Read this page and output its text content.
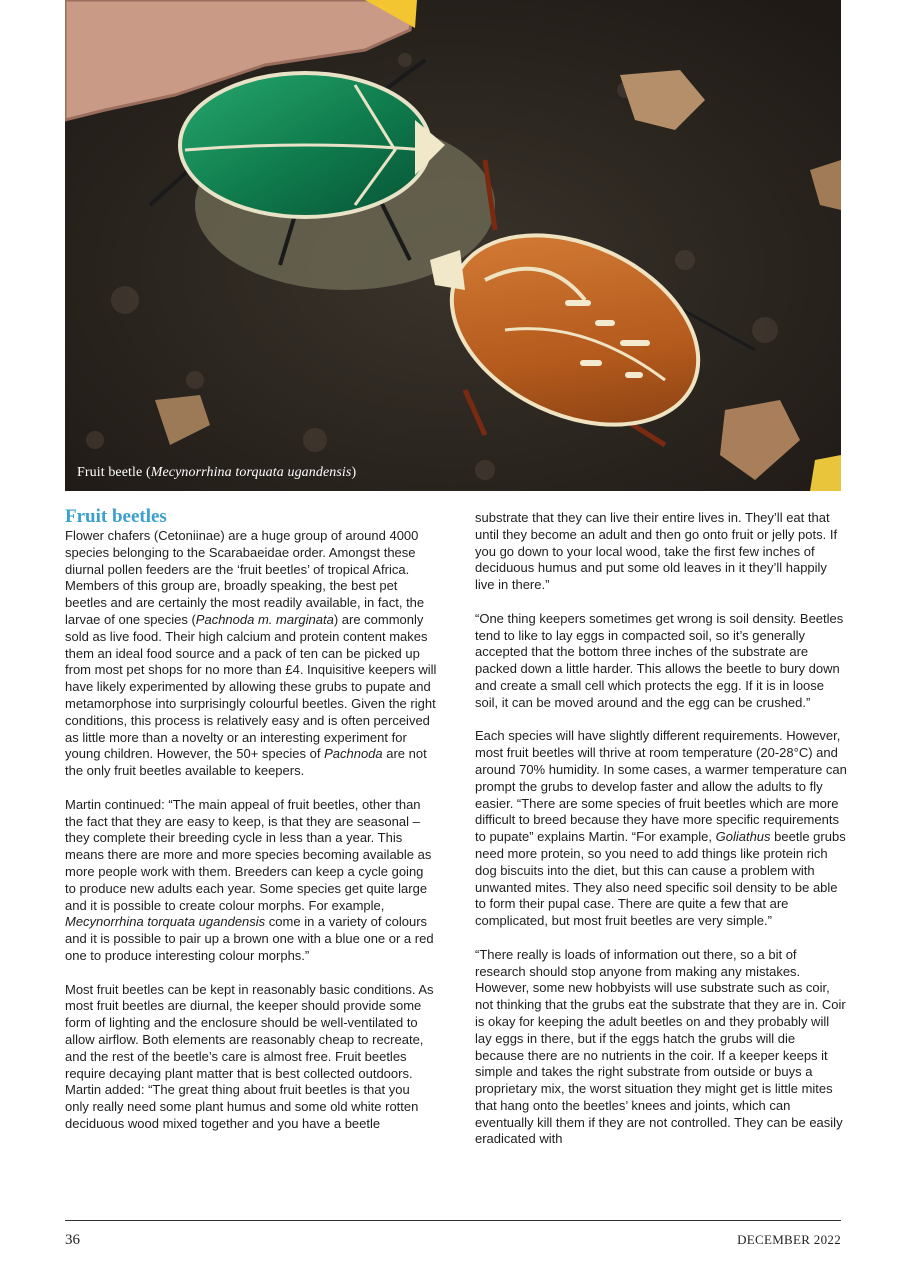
Fruit beetle (Mecynorrhina torquata ugandensis)
Fruit beetles

Flower chafers (Cetoniinae) are a huge group of around 4000 species belonging to the Scarabaeidae order. Amongst these diurnal pollen feeders are the ‘fruit beetles’ of tropical Africa. Members of this group are, broadly speaking, the best pet beetles and are certainly the most readily available, in fact, the larvae of one species (Pachnoda m. marginata) are commonly sold as live food. Their high calcium and protein content makes them an ideal food source and a pack of ten can be picked up from most pet shops for no more than £4. Inquisitive keepers will have likely experimented by allowing these grubs to pupate and metamorphose into surprisingly colourful beetles. Given the right conditions, this process is relatively easy and is often perceived as little more than a novelty or an interesting experiment for young children. However, the 50+ species of Pachnoda are not the only fruit beetles available to keepers.

Martin continued: “The main appeal of fruit beetles, other than the fact that they are easy to keep, is that they are seasonal – they complete their breeding cycle in less than a year. This means there are more and more species becoming available as more people work with them. Breeders can keep a cycle going to produce new adults each year. Some species get quite large and it is possible to create colour morphs. For example, Mecynorrhina torquata ugandensis come in a variety of colours and it is possible to pair up a brown one with a blue one or a red one to produce interesting colour morphs.”

Most fruit beetles can be kept in reasonably basic conditions. As most fruit beetles are diurnal, the keeper should provide some form of lighting and the enclosure should be well-ventilated to allow airflow. Both elements are reasonably cheap to recreate, and the rest of the beetle’s care is almost free. Fruit beetles require decaying plant matter that is best collected outdoors. Martin added: “The great thing about fruit beetles is that you only really need some plant humus and some old white rotten deciduous wood mixed together and you have a beetle

substrate that they can live their entire lives in. They’ll eat that until they become an adult and then go onto fruit or jelly pots. If you go down to your local wood, take the first few inches of deciduous humus and put some old leaves in it they’ll happily live in there.”

“One thing keepers sometimes get wrong is soil density. Beetles tend to like to lay eggs in compacted soil, so it’s generally accepted that the bottom three inches of the substrate are packed down a little harder. This allows the beetle to bury down and create a small cell which protects the egg. If it is in loose soil, it can be moved around and the egg can be crushed.”

Each species will have slightly different requirements. However, most fruit beetles will thrive at room temperature (20-28°C) and around 70% humidity. In some cases, a warmer temperature can prompt the grubs to develop faster and allow the adults to fly easier. “There are some species of fruit beetles which are more difficult to breed because they have more specific requirements to pupate” explains Martin. “For example, Goliathus beetle grubs need more protein, so you need to add things like protein rich dog biscuits into the diet, but this can cause a problem with unwanted mites. They also need specific soil density to be able to form their pupal case. There are quite a few that are complicated, but most fruit beetles are very simple.”

“There really is loads of information out there, so a bit of research should stop anyone from making any mistakes. However, some new hobbyists will use substrate such as coir, not thinking that the grubs eat the substrate that they are in. Coir is okay for keeping the adult beetles on and they probably will lay eggs in there, but if the eggs hatch the grubs will die because there are no nutrients in the coir. If a keeper keeps it simple and takes the right substrate from outside or buys a proprietary mix, the worst situation they might get is little mites that hang onto the beetles’ knees and joints, which can eventually kill them if they are not controlled. They can be easily eradicated with

36	DECEMBER 2022
